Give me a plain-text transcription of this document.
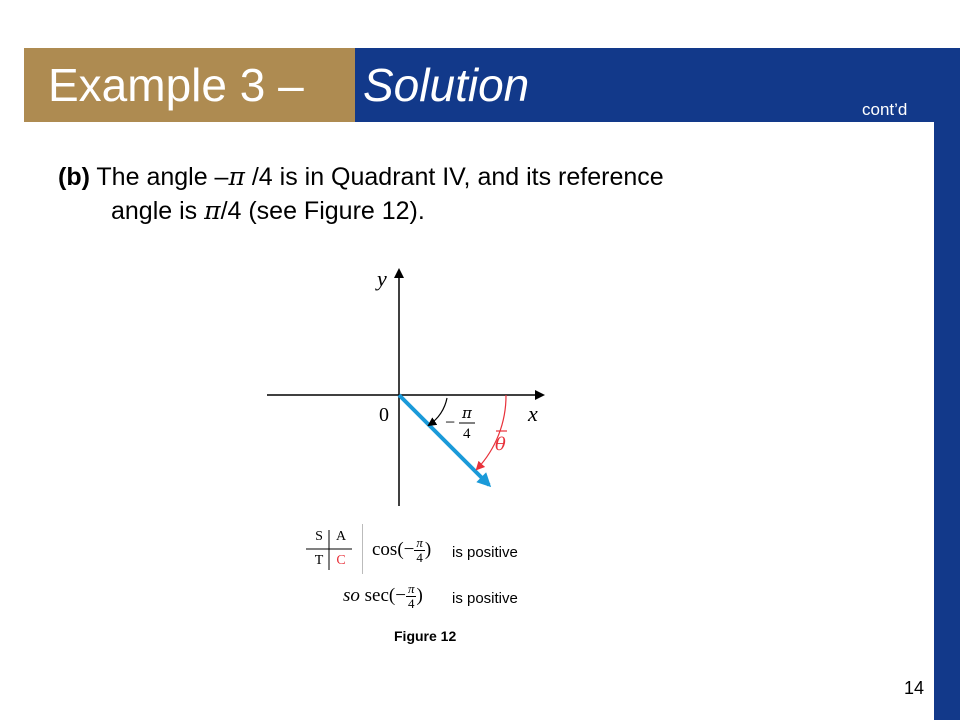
Example 3 – Solution	cont’d
(b) The angle –π /4 is in Quadrant IV, and its reference
angle is π/4 (see Figure 12).
y
x
0	− π
4 θ
S A
T C
$\cos(- \frac{\pi}{4}$ ) is positive
so $\sec(- \frac{\pi}{4}$ ) is positive
Figure 12
14
